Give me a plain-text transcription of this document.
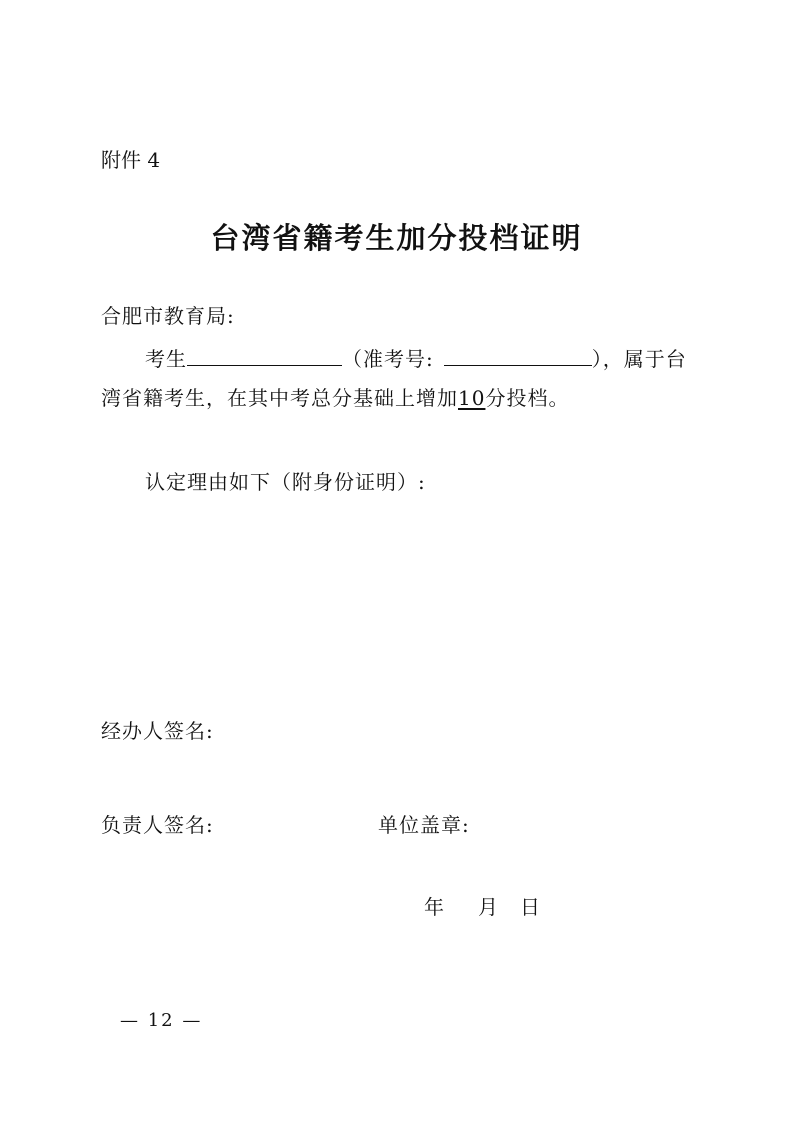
附件 4
台湾省籍考生加分投档证明
合肥市教育局:
考生	（准考号:	），属于台
湾省籍考生，在其中考总分基础上增加10分投档。
认定理由如下（附身份证明）:
经办人签名:
负责人签名:	单位盖章:
年 月 日
— 12 —
